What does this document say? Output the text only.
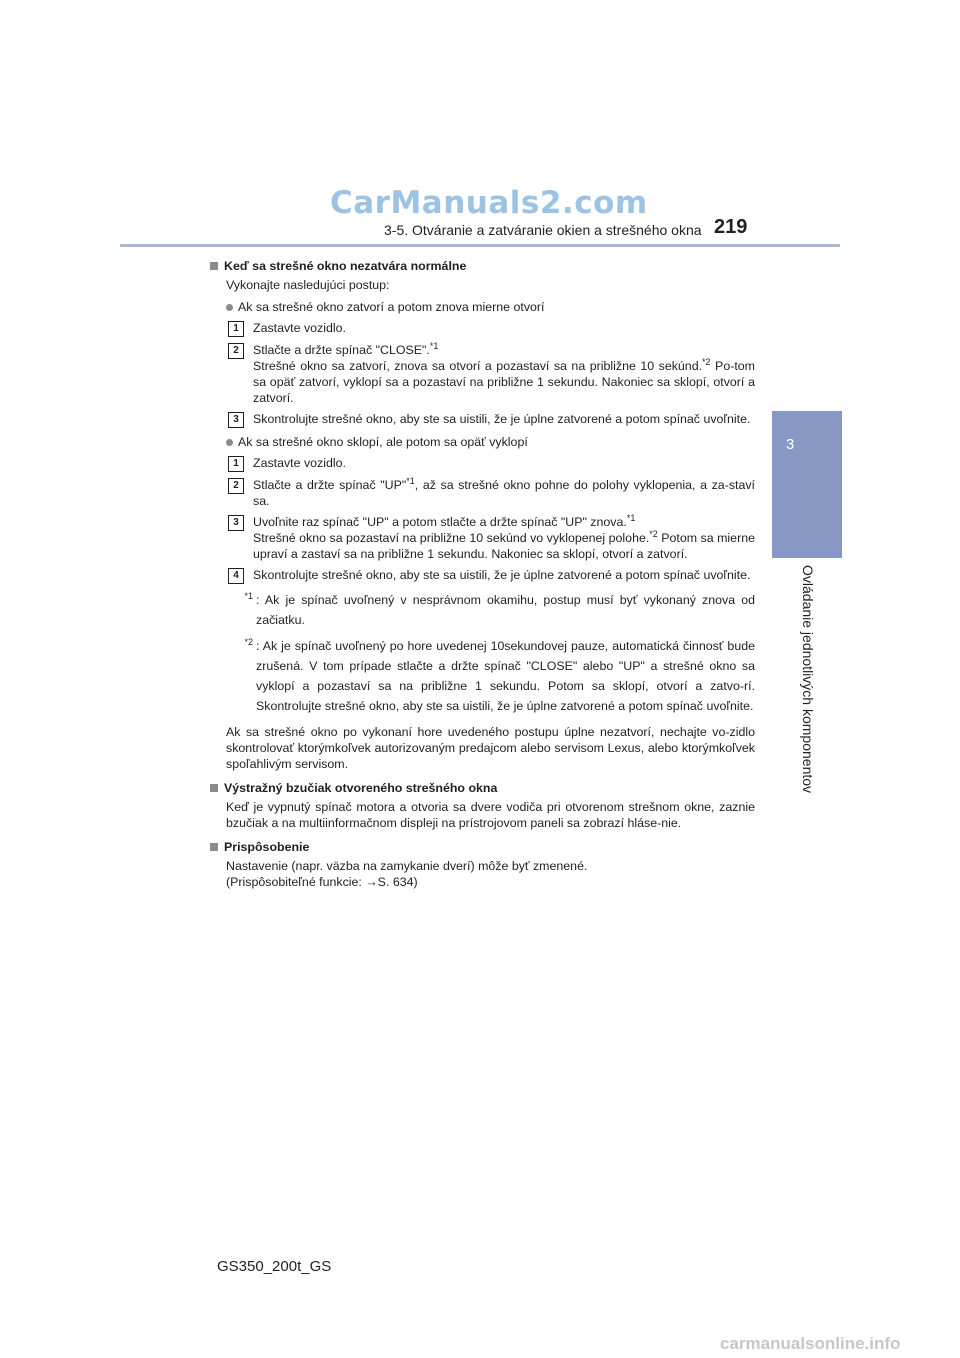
CarManuals2.com
3-5. Otváranie a zatváranie okien a strešného okna 219
3
Ovládanie jednotlivých komponentov
Keď sa strešné okno nezatvára normálne
Vykonajte nasledujúci postup:
Ak sa strešné okno zatvorí a potom znova mierne otvorí
1	Zastavte vozidlo.
2	Stlačte a držte spínač "CLOSE".$^{*1}$
Strešné okno sa zatvorí, znova sa otvorí a pozastaví sa na približne 10 sekúnd.$^{*2}$ Po-tom sa opäť zatvorí, vyklopí sa a pozastaví na približne 1 sekundu. Nakoniec sa sklopí, otvorí a zatvorí.
3	Skontrolujte strešné okno, aby ste sa uistili, že je úplne zatvorené a potom spínač uvoľnite.
Ak sa strešné okno sklopí, ale potom sa opäť vyklopí
1	Zastavte vozidlo.
2	Stlačte a držte spínač "UP"$^{*1}$, až sa strešné okno pohne do polohy vyklopenia, a za-staví sa.
3	Uvoľnite raz spínač "UP" a potom stlačte a držte spínač "UP" znova.$^{*1}$
Strešné okno sa pozastaví na približne 10 sekúnd vo vyklopenej polohe.$^{*2}$ Potom sa mierne upraví a zastaví sa na približne 1 sekundu. Nakoniec sa sklopí, otvorí a zatvorí.
4	Skontrolujte strešné okno, aby ste sa uistili, že je úplne zatvorené a potom spínač uvoľnite.
$^{*1}$ : Ak je spínač uvoľnený v nesprávnom okamihu, postup musí byť vykonaný znova od začiatku.
$^{*2}$ : Ak je spínač uvoľnený po hore uvedenej 10sekundovej pauze, automatická činnosť bude zrušená. V tom prípade stlačte a držte spínač "CLOSE" alebo "UP" a strešné okno sa vyklopí a pozastaví sa na približne 1 sekundu. Potom sa sklopí, otvorí a zatvo-rí. Skontrolujte strešné okno, aby ste sa uistili, že je úplne zatvorené a potom spínač uvoľnite.
Ak sa strešné okno po vykonaní hore uvedeného postupu úplne nezatvorí, nechajte vo-zidlo skontrolovať ktorýmkoľvek autorizovaným predajcom alebo servisom Lexus, alebo ktorýmkoľvek spoľahlivým servisom.
Výstražný bzučiak otvoreného strešného okna
Keď je vypnutý spínač motora a otvoria sa dvere vodiča pri otvorenom strešnom okne, zaznie bzučiak a na multiinformačnom displeji na prístrojovom paneli sa zobrazí hláse-nie.
Prispôsobenie
Nastavenie (napr. väzba na zamykanie dverí) môže byť zmenené.
(Prispôsobiteľné funkcie: →S. 634)
GS350_200t_GS
carmanualsonline.info
